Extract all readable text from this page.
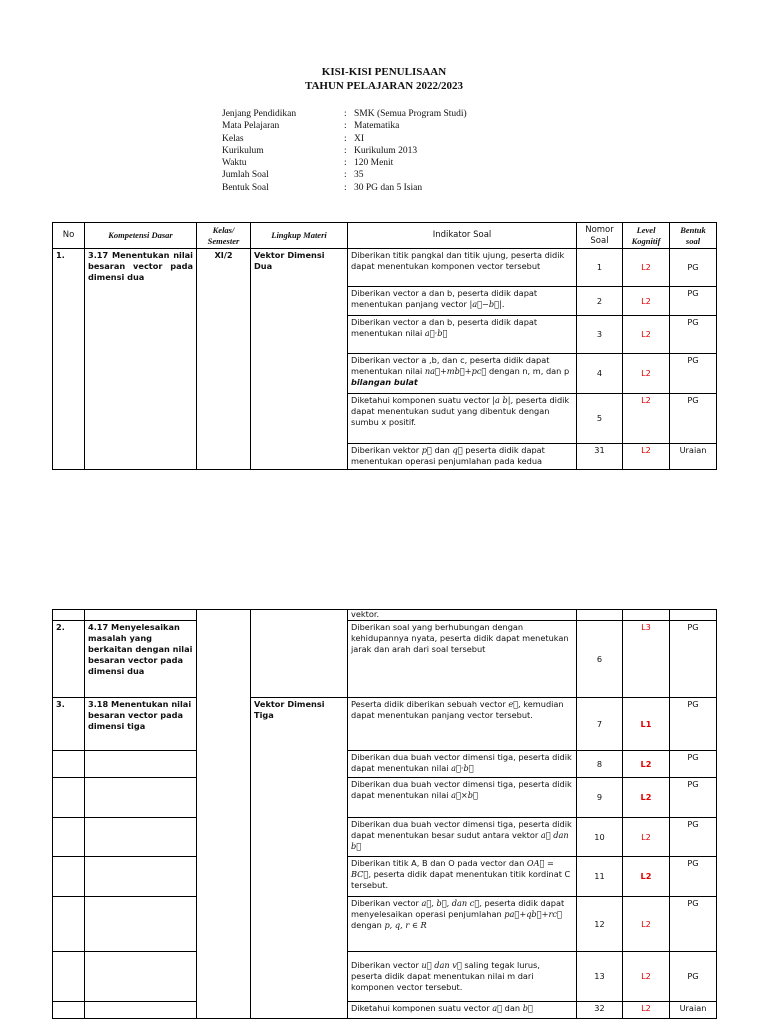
KISI-KISI PENULISAAN
TAHUN PELAJARAN 2022/2023
Jenjang Pendidikan	: SMK (Semua Program Studi)
Mata Pelajaran	: Matematika
Kelas	: XI
Kurikulum	: Kurikulum 2013
Waktu	: 120 Menit
Jumlah Soal	: 35
Bentuk Soal	: 30 PG dan 5 Isian
No	Kompetensi Dasar	Kelas/ Semester	Lingkup Materi	Indikator Soal	Nomor Soal	Level Kognitif	Bentuk soal
1.	3.17 Menentukan nilai besaran vector pada dimensi dua	XI/2	Vektor Dimensi Dua	Diberikan titik pangkal dan titik ujung, peserta didik dapat menentukan komponen vector tersebut	1	L2	PG
				Diberikan vector a dan b, peserta didik dapat menentukan panjang vector |a⃗−b⃗|.	2	L2	PG
				Diberikan vector a dan b, peserta didik dapat menentukan nilai a⃗·b⃗	3	L2	PG
				Diberikan vector a ,b, dan c, peserta didik dapat menentukan nilai na⃗+mb⃗+pc⃗ dengan n, m, dan p bilangan bulat	4	L2	PG
				Diketahui komponen suatu vector |a b|, peserta didik dapat menentukan sudut yang dibentuk dengan sumbu x positif.	5	L2	PG
				Diberikan vektor p⃗ dan q⃗ peserta didik dapat menentukan operasi penjumlahan pada kedua	31	L2	Uraian
				vektor.			
2.	4.17 Menyelesaikan masalah yang berkaitan dengan nilai besaran vector pada dimensi dua			Diberikan soal yang berhubungan dengan kehidupannya nyata, peserta didik dapat menetukan jarak dan arah dari soal tersebut	6	L3	PG
3.	3.18 Menentukan nilai besaran vector pada dimensi tiga		Vektor Dimensi Tiga	Peserta didik diberikan sebuah vector e⃗, kemudian dapat menentukan panjang vector tersebut.	7	L1	PG
				Diberikan dua buah vector dimensi tiga, peserta didik dapat menentukan nilai a⃗·b⃗	8	L2	PG
				Diberikan dua buah vector dimensi tiga, peserta didik dapat menentukan nilai a⃗×b⃗	9	L2	PG
				Diberikan dua buah vector dimensi tiga, peserta didik dapat menentukan besar sudut antara vektor a⃗ dan b⃗	10	L2	PG
				Diberikan titik A, B dan O pada vector dan OA⃗ = BC⃗, peserta didik dapat menentukan titik kordinat C tersebut.	11	L2	PG
				Diberikan vector a⃗, b⃗, dan c⃗, peserta didik dapat menyelesaikan operasi penjumlahan pa⃗+qb⃗+rc⃗ dengan p, q, r ∈ R	12	L2	PG
				Diberikan vector u⃗ dan v⃗ saling tegak lurus, peserta didik dapat menentukan nilai m dari komponen vector tersebut.	13	L2	PG
				Diketahui komponen suatu vector a⃗ dan b⃗	32	L2	Uraian
